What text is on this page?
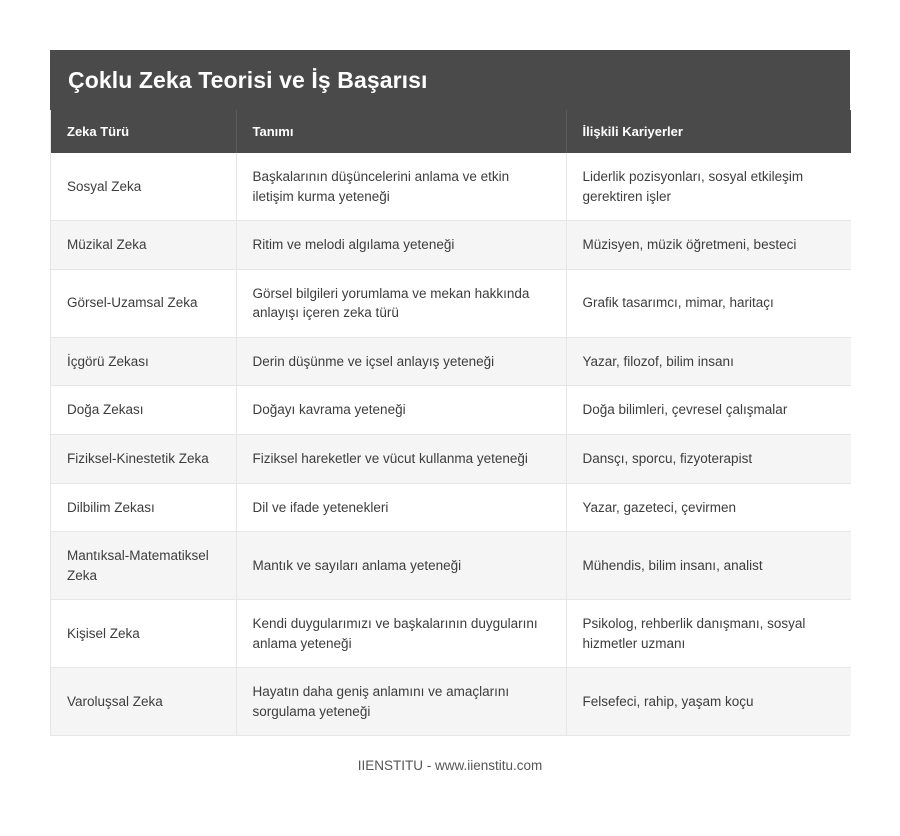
Çoklu Zeka Teorisi ve İş Başarısı
Zeka Türü	Tanımı	İlişkili Kariyerler
Sosyal Zeka	Başkalarının düşüncelerini anlama ve etkin iletişim kurma yeteneği	Liderlik pozisyonları, sosyal etkileşim gerektiren işler
Müzikal Zeka	Ritim ve melodi algılama yeteneği	Müzisyen, müzik öğretmeni, besteci
Görsel-Uzamsal Zeka	Görsel bilgileri yorumlama ve mekan hakkında anlayışı içeren zeka türü	Grafik tasarımcı, mimar, haritaçı
İçgörü Zekası	Derin düşünme ve içsel anlayış yeteneği	Yazar, filozof, bilim insanı
Doğa Zekası	Doğayı kavrama yeteneği	Doğa bilimleri, çevresel çalışmalar
Fiziksel-Kinestetik Zeka	Fiziksel hareketler ve vücut kullanma yeteneği	Dansçı, sporcu, fizyoterapist
Dilbilim Zekası	Dil ve ifade yetenekleri	Yazar, gazeteci, çevirmen
Mantıksal-Matematiksel Zeka	Mantık ve sayıları anlama yeteneği	Mühendis, bilim insanı, analist
Kişisel Zeka	Kendi duygularımızı ve başkalarının duygularını anlama yeteneği	Psikolog, rehberlik danışmanı, sosyal hizmetler uzmanı
Varoluşsal Zeka	Hayatın daha geniş anlamını ve amaçlarını sorgulama yeteneği	Felsefeci, rahip, yaşam koçu
IIENSTITU - www.iienstitu.com
